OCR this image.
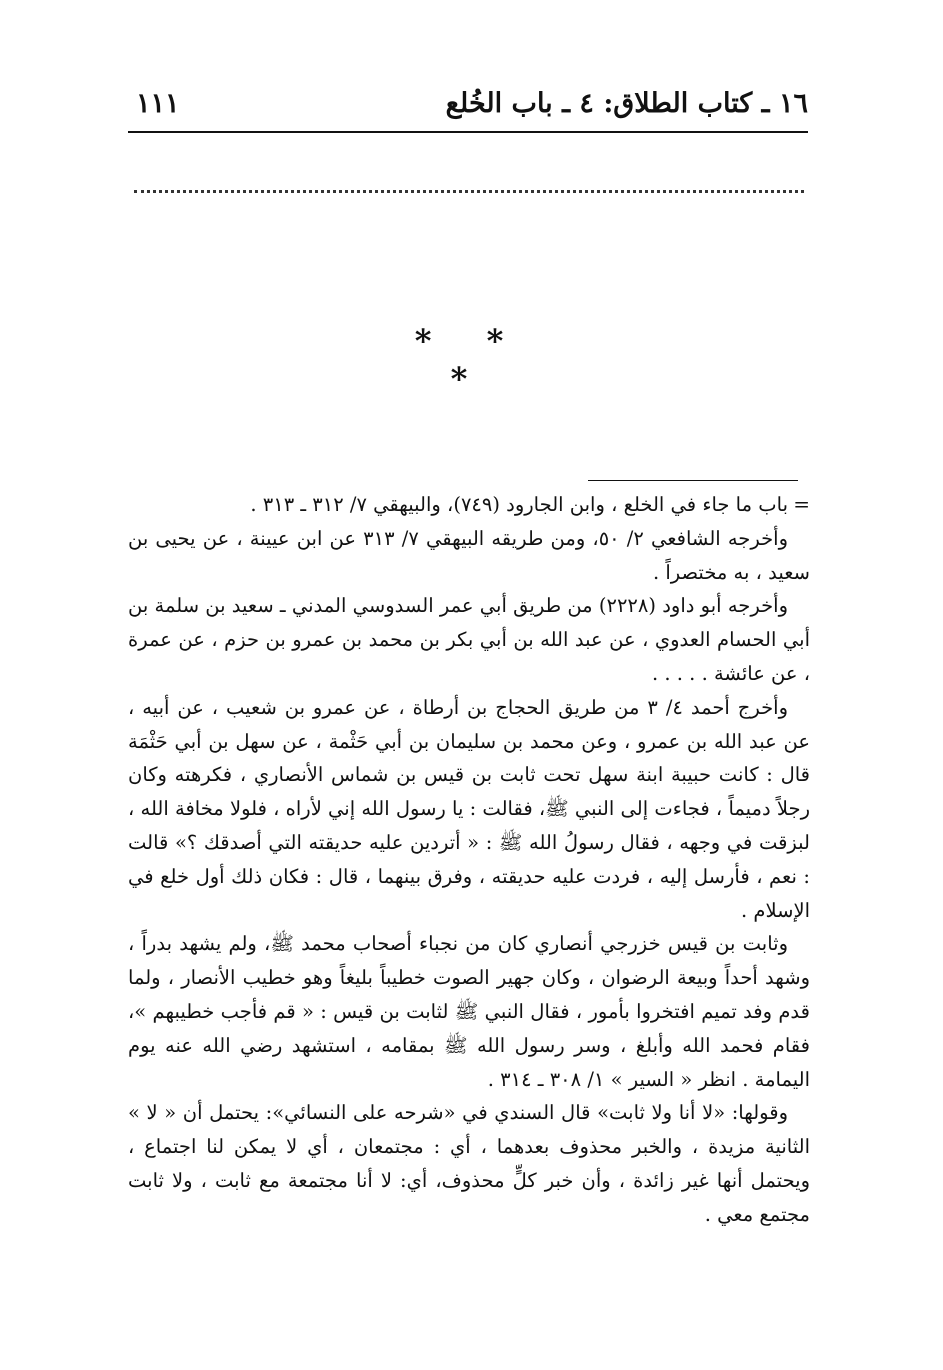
١٦ ـ كتاب الطلاق: ٤ ـ باب الخُلع
١١١
* * *

=
باب ما جاء في الخلع ، وابن الجارود (٧٤٩)، والبيهقي ٧/ ٣١٢ ـ ٣١٣ .

وأخرجه الشافعي ٢/ ٥٠، ومن طريقه البيهقي ٧/ ٣١٣ عن ابن عيينة ، عن يحيى بن سعيد ، به مختصراً .

وأخرجه أبو داود (٢٢٢٨) من طريق أبي عمر السدوسي المدني ـ سعيد بن سلمة بن أبي الحسام العدوي ، عن عبد الله بن أبي بكر بن محمد بن عمرو بن حزم ، عن عمرة ، عن عائشة . . . . .

وأخرج أحمد ٤/ ٣ من طريق الحجاج بن أرطاة ، عن عمرو بن شعيب ، عن أبيه ، عن عبد الله بن عمرو ، وعن محمد بن سليمان بن أبي حَثْمة ، عن سهل بن أبي حَثْمَة قال : كانت حبيبة ابنة سهل تحت ثابت بن قيس بن شماس الأنصاري ، فكرهته وكان رجلاً دميماً ، فجاءت إلى النبي ﷺ، فقالت : يا رسول الله إني لأراه ، فلولا مخافة الله ، لبزقت في وجهه ، فقال رسولُ الله ﷺ : « أتردين عليه حديقته التي أصدقك ؟» قالت : نعم ، فأرسل إليه ، فردت عليه حديقته ، وفرق بينهما ، قال : فكان ذلك أول خلع في الإسلام .

وثابت بن قيس خزرجي أنصاري كان من نجباء أصحاب محمد ﷺ، ولم يشهد بدراً ، وشهد أحداً وبيعة الرضوان ، وكان جهير الصوت خطيباً بليغاً وهو خطيب الأنصار ، ولما قدم وفد تميم افتخروا بأمور ، فقال النبي ﷺ لثابت بن قيس : « قم فأجب خطيبهم »، فقام فحمد الله وأبلغ ، وسر رسول الله ﷺ بمقامه ، استشهد رضي الله عنه يوم اليمامة . انظر « السير » ١/ ٣٠٨ ـ ٣١٤ .

وقولها: «لا أنا ولا ثابت» قال السندي في «شرحه على النسائي»: يحتمل أن « لا » الثانية مزيدة ، والخبر محذوف بعدهما ، أي : مجتمعان ، أي لا يمكن لنا اجتماع ، ويحتمل أنها غير زائدة ، وأن خبر كلٍّ محذوف، أي: لا أنا مجتمعة مع ثابت ، ولا ثابت مجتمع معي .
